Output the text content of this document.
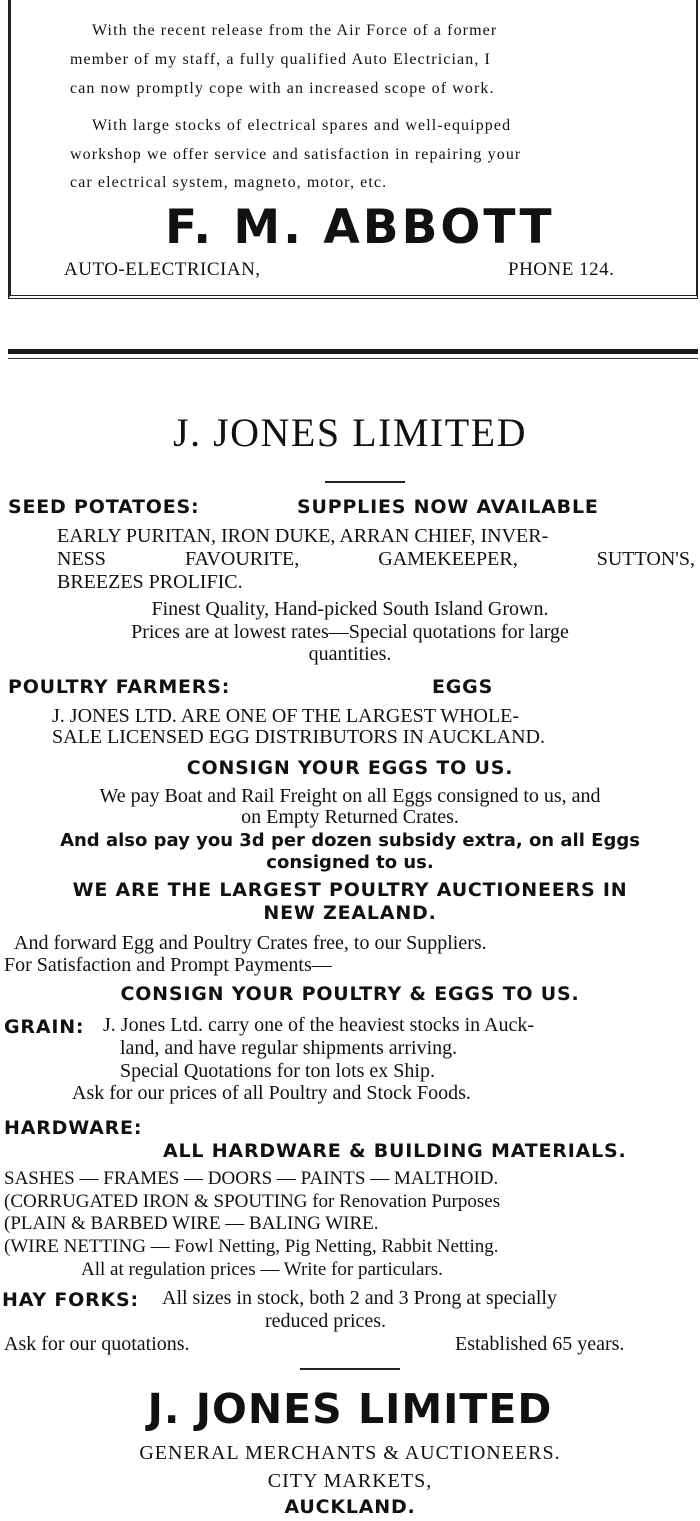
With the recent release from the Air Force of a former
member of my staff, a fully qualified Auto Electrician, I
can now promptly cope with an increased scope of work.
With large stocks of electrical spares and well-equipped
workshop we offer service and satisfaction in repairing your
car electrical system, magneto, motor, etc.
F. M. ABBOTT
AUTO-ELECTRICIAN,	PHONE 124.
J. JONES LIMITED
SEED POTATOES:	SUPPLIES NOW AVAILABLE
EARLY PURITAN, IRON DUKE, ARRAN CHIEF, INVER-
NESS FAVOURITE, GAMEKEEPER, SUTTON'S,
BREEZES PROLIFIC.
Finest Quality, Hand-picked South Island Grown.
Prices are at lowest rates—Special quotations for large
quantities.
POULTRY FARMERS:	EGGS
J. JONES LTD. ARE ONE OF THE LARGEST WHOLE-
SALE LICENSED EGG DISTRIBUTORS IN AUCKLAND.
CONSIGN YOUR EGGS TO US.
We pay Boat and Rail Freight on all Eggs consigned to us, and
on Empty Returned Crates.
And also pay you 3d per dozen subsidy extra, on all Eggs
consigned to us.
WE ARE THE LARGEST POULTRY AUCTIONEERS IN
NEW ZEALAND.
And forward Egg and Poultry Crates free, to our Suppliers.
For Satisfaction and Prompt Payments—
CONSIGN YOUR POULTRY & EGGS TO US.
GRAIN: J. Jones Ltd. carry one of the heaviest stocks in Auck-
land, and have regular shipments arriving.
Special Quotations for ton lots ex Ship.
Ask for our prices of all Poultry and Stock Foods.
HARDWARE:
ALL HARDWARE & BUILDING MATERIALS.
SASHES — FRAMES — DOORS — PAINTS — MALTHOID.
(CORRUGATED IRON & SPOUTING for Renovation Purposes
(PLAIN & BARBED WIRE — BALING WIRE.
(WIRE NETTING — Fowl Netting, Pig Netting, Rabbit Netting.
All at regulation prices — Write for particulars.
HAY FORKS: All sizes in stock, both 2 and 3 Prong at specially
reduced prices.
Ask for our quotations.	Established 65 years.
J. JONES LIMITED
GENERAL MERCHANTS & AUCTIONEERS.
CITY MARKETS,
AUCKLAND.
